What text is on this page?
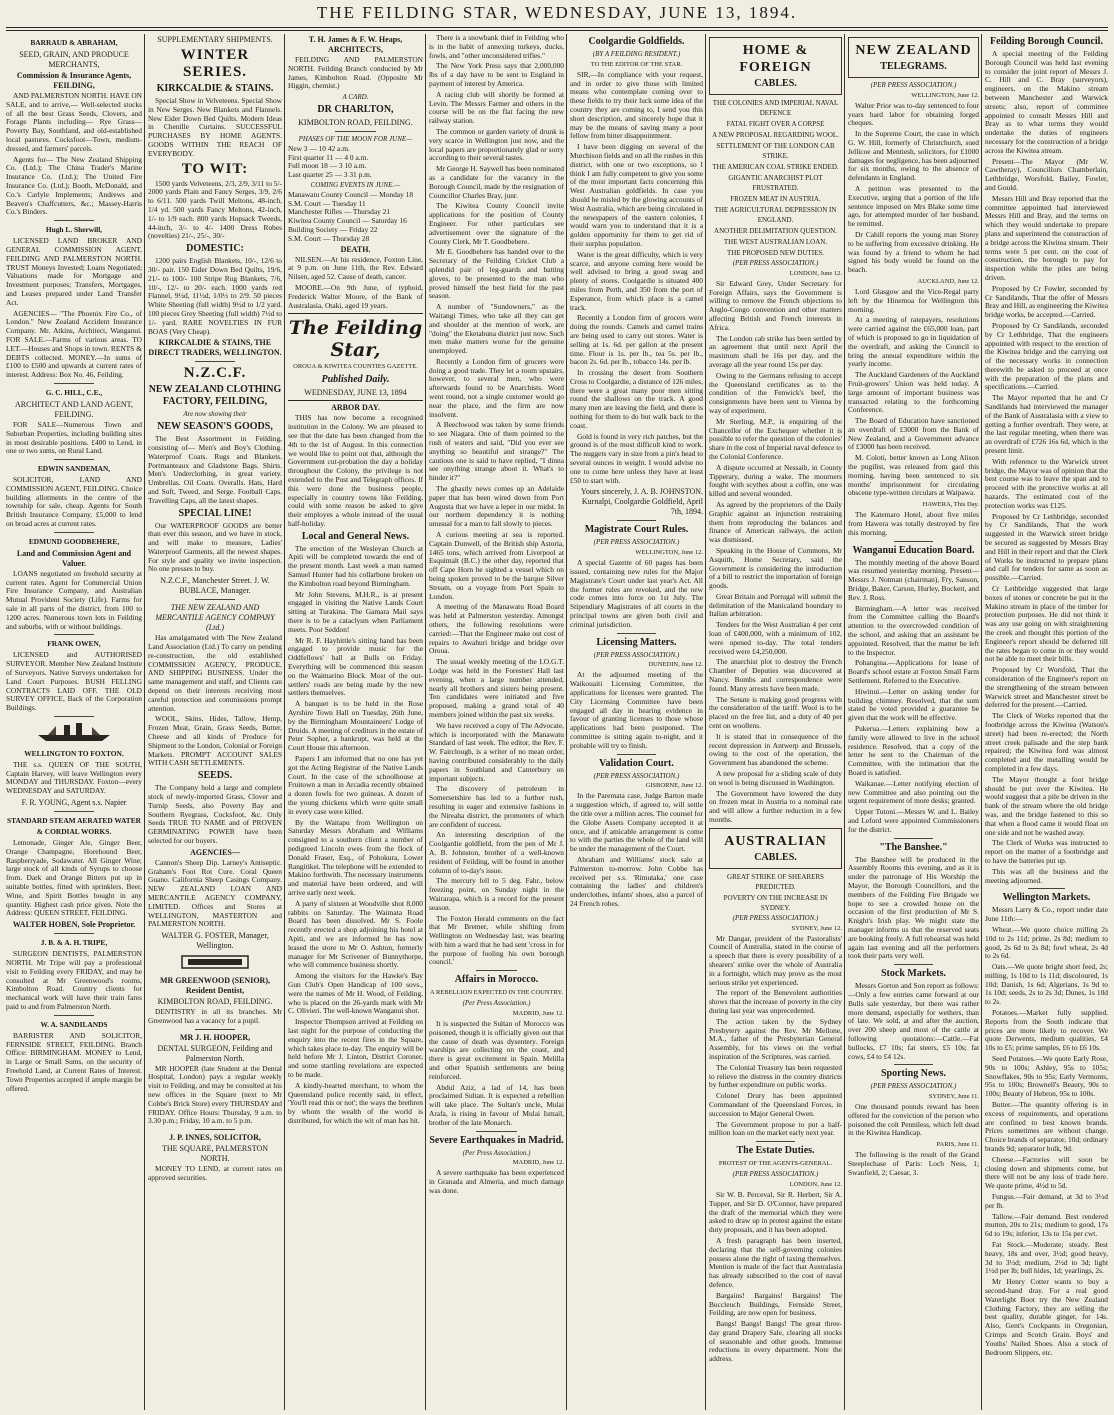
THE FEILDING STAR, WEDNESDAY, JUNE 13, 1894.
BARRAUD & ABRAHAM,
SEED, GRAIN, AND PRODUCE MERCHANTS,
Commission & Insurance Agents, FEILDING,

AND PALMERSTON NORTH. HAVE ON SALE, and to arrive,— Well-selected stocks of all the best Grass Seeds, Clovers, and Forage Plants including— Rye Grass—Poverty Bay, Southland, and old-established local pastures. Cocksfoot—Town, medium-dressed, and farmers' parcels.

Agents for— The New Zealand Shipping Co. (Ltd.); The China Trader's Marine Insurance Co. (Ltd.); The United Fire Insurance Co. (Ltd.); Booth, McDonald, and Co.'s Carlyle Implements; Andrews and Beaven's Chaffcutters, &c.; Massey-Harris Co.'s Binders.

Hugh L. Sherwill,

LICENSED LAND BROKER AND GENERAL COMMISSION AGENT, FEILDING AND PALMERSTON NORTH. TRUST Moneys Invested; Loans Negotiated; Valuations made for Mortgage and Investment purposes; Transfers, Mortgages, and Leases prepared under Land Transfer Act.

AGENCIES— "The Phoenix Fire Co., of London." New Zealand Accident Insurance Company. Mr. Atkins, Architect, Wanganui. FOR SALE.—Farms of various areas. TO LET.—Houses and Shops in town. RENTS & DEBTS collected. MONEY.—In sums of £100 to £500 and upwards at current rates of interest. Address: Box No. 46, Feilding.

G. C. HILL, C.E.,
ARCHITECT AND LAND AGENT, FEILDING.

FOR SALE—Numerous Town and Suburban Properties, including building sites in most desirable positions. £400 to Lend, in one or two sums, on Rural Land.

EDWIN SANDEMAN,

SOLICITOR, LAND AND COMMISSION AGENT, FEILDING. Choice building allotments in the centre of the township for sale, cheap. Agents for South British Insurance Company. £5,000 to lend on broad acres at current rates.

EDMUND GOODBEHERE,
Land and Commission Agent and Valuer.

LOANS negotiated on freehold security at current rates. Agent for Commercial Union Fire Insurance Company, and Australian Mutual Provident Society (Life). Farms for sale in all parts of the district, from 100 to 1200 acres. Numerous town lots in Feilding and suburbs, with or without buildings.

FRANK OWEN,

LICENSED and AUTHORISED SURVEYOR. Member New Zealand Institute of Surveyors. Native Surveys undertaken for Land Court Purposes. BUSH FELLING CONTRACTS LAID OFF. THE OLD SURVEY OFFICE, Back of the Corporation Buildings.

WELLINGTON TO FOXTON.

THE s.s. QUEEN OF THE SOUTH, Captain Harvey, will leave Wellington every MONDAY and THURSDAY. Foxton—every WEDNESDAY and SATURDAY.

F. R. YOUNG, Agent s.s. Napier
STANDARD STEAM AERATED WATER & CORDIAL WORKS.

Lemonade, Ginger Ale, Ginger Beer, Orange Champagne, Horehound Beer, Raspberryade, Sodawater. All Ginger Wine; large stock of all kinds of Syrups to choose from. Dark and Orange Bitters put up in suitable bottles, fitted with sprinklers. Beer, Wine, and Spirit Bottles bought in any quantity. Highest cash price given. Note the Address: QUEEN STREET, FEILDING.

WALTER HOBEN, Sole Proprietor.
J. B. & A. H. TRIPE,

SURGEON DENTISTS, PALMERSTON NORTH. Mr Tripe will pay a professional visit to Feilding every FRIDAY, and may be consulted at Mr Greenwood's rooms, Kimbolton Road. Country clients for mechanical work will have their train fares paid to and from Palmerston North.

W. A. SANDILANDS

BARRISTER AND SOLICITOR, FERNSIDE STREET, FEILDING. Branch Office: BIRMINGHAM. MONEY to Lend, in Large or Small Sums, on the security of Freehold Land, at Current Rates of Interest. Town Properties accepted if ample margin be offered.

SUPPLEMENTARY SHIPMENTS.
WINTER SERIES.
KIRKCALDIE & STAINS.

Special Show in Velveteens. Special Show in New Serges. New Blankets and Flannels. New Eider Down Bed Quilts. Modern Ideas in Chenille Curtains. SUCCESSFUL PURCHASES BY HOME AGENTS. GOODS WITHIN THE REACH OF EVERYBODY.

TO WIT:

1500 yards Velveteens, 2/3, 2/9, 3/11 to 5/- 2000 yards Plain and Fancy Serges, 3/9, 2/6 to 6/11. 500 yards Twill Meltons, 48-inch, 1/4 yd. 500 yards Fancy Meltons, 42-inch, 1/- to 1/9 each. 800 yards Hopsack Tweeds, 44-inch, 3/- to 4/- 1400 Dress Robes (novelties) 21/-, 25/-, 30/-

DOMESTIC:

1200 pairs English Blankets, 10/-, 12/6 to 30/- pair. 150 Eider Down Bed Quilts, 19/6, 21/- to 100/- 100 Stripe Rug Blankets, 7/6, 10/-, 12/- to 20/- each. 1000 yards red Flannel, 9½d, 11½d, 1/0½ to 2/9. 50 pieces White Sheeting (full width) 9½d to 1/2 yard. 100 pieces Grey Sheeting (full width) 7½d to 1/- yard. RARE NOVELTIES IN FUR BOAS (Very Cheap).

KIRKCALDIE & STAINS, THE DIRECT TRADERS, WELLINGTON.
N.Z.C.F.
NEW ZEALAND CLOTHING FACTORY, FEILDING,
Are now showing their
NEW SEASON'S GOODS,

The Best Assortment in Feilding, consisting of— Men's and Boy's Clothing. Waterproof Coats. Rugs and Blankets. Portmanteaux and Gladstone Bags. Shirts. Men's Underclothing, in great variety. Umbrellas. Oil Coats. Overalls. Hats, Hard and Soft, Tweed, and Serge. Football Caps. Travelling Caps, all the latest shapes.

SPECIAL LINE!

Our WATERPROOF GOODS are better than ever this season, and we have in stock, and will make to measure, Ladies' Waterproof Garments, all the newest shapes. For style and quality we invite inspection. No one presses to buy.

N.Z.C.F., Manchester Street. J. W. BUBLACE, Manager.
THE NEW ZEALAND AND MERCANTILE AGENCY COMPANY (Ltd.)

Has amalgamated with The New Zealand Land Association (Ltd.) To carry on pending re-construction, the old established COMMISSION AGENCY, PRODUCE, AND SHIPPING BUSINESS. Under the same management and staff, and Clients can depend on their interests receiving most careful protection and commissions prompt attention.

WOOL, Skins, Hides, Tallow, Hemp, Frozen Meat, Grain, Grass Seeds, Butter, Cheese and all kinds of Produce for Shipment to the London, Colonial or Foreign Markets. PROMPT ACCOUNT SALES WITH CASH SETTLEMENTS.

SEEDS.

The Company hold a large and complete stock of newly-imported Grass, Clover and Turnip Seeds, also Poverty Bay and Southern Ryegrass, Cocksfoot, &c. Only Seeds TRUE TO NAME and of PROVEN GERMINATING POWER have been selected for our buyers.

AGENCIES—

Cannon's Sheep Dip. Larney's Antiseptic. Graham's Foot Rot Cure. Coral Queen Guano. California Sheep Casings Company. NEW ZEALAND LOAN AND MERCANTILE AGENCY COMPANY, LIMITED. Offices and Stores at WELLINGTON, MASTERTON and PALMERSTON NORTH.

WALTER G. FOSTER, Manager, Wellington.
MR GREENWOOD (SENIOR), Resident Dentist,
KIMBOLTON ROAD, FEILDING.

DENTISTRY in all its branches. Mr Greenwood has a vacancy for a pupil.

MR J. H. HOOPER,
DENTAL SURGEON, Feilding and Palmerston North.

MR HOOPER (late Student at the Dental Hospital, London) pays a regular weekly visit to Feilding, and may be consulted at his new offices in the Square (next to Mr Cobbe's Brick Store) every THURSDAY and FRIDAY. Office Hours: Thursday, 9 a.m. to 3.30 p.m.; Friday, 10 a.m. to 5 p.m.

J. P. INNES, SOLICITOR,
THE SQUARE, PALMERSTON NORTH.

MONEY TO LEND, at current rates on approved securities.

T. H. James & F. W. Heaps, ARCHITECTS,

FEILDING AND PALMERSTON NORTH. Feilding Branch conducted by Mr James, Kimbolton Road. (Opposite Mr Higgin, chemist.)

A CARD.
DR CHARLTON,
KIMBOLTON ROAD, FEILDING.
PHASES OF THE MOON FOR JUNE—
New 3 — 10 42 a.m.
First quarter 11 — 4 0 a.m.
Full moon 18 — 3 10 a.m.
Last quarter 25 — 3 31 p.m.
COMING EVENTS IN JUNE.—
Manawatu County Council — Monday 18
S.M. Court — Tuesday 11
Manchester Rifles — Thursday 21
Kiwitea County Council — Saturday 16
Building Society — Friday 22
S.M. Court — Thursday 28
DEATH.

NILSEN.—At his residence, Foxton Line, at 9 p.m. on June 11th, the Rev. Edward Nilsen, aged 52. Cause of death, cancer.

MOORE.—On 9th June, of typhoid, Frederick Walter Moore, of the Bank of Australasia, Otaki, aged 19 years.

The Feilding Star,
OROUA & KIWITEA COUNTIES GAZETTE.
Published Daily.
WEDNESDAY, JUNE 13, 1894
ARBOR DAY.

THIS has now become a recognised institution in the Colony. We are pleased to see that the date has been changed from the 4th to the 1st of August. In this connection we would like to point out that, although the Government cut-probation the day a holiday throughout the Colony, the privilege is not extended to the Post and Telegraph offices. If this were done the business people, especially in country towns like Feilding, could with some reason be asked to give their employes a whole instead of the usual half-holiday.

Local and General News.

The erection of the Wesleyan Church at Apiti will be completed towards the end of the present month. Last week a man named Samuel Hunter had his collarbone broken on the Kimbolton road beyond Birmingham.

Mr John Stevens, M.H.R., is at present engaged in visiting the Native Lands Court sitting at Turakina. The Gamara Mail says there is to be a cataclysm when Parliament meets. Poor Seddon!

Mr R. F. Hayhittle's sitting hand has been engaged to provide music for the Oddfellows' ball at Bulls on Friday. Everything will be commenced this season on the Waimarino Block. Most of the out-settlers' roads are being made by the new settlers themselves.

A banquet is to be held in the Rose Ayrshire Town Hall on Tuesday, 26th June, by the Birmingham Mountaineers' Lodge of Druids. A meeting of creditors in the estate of Peter Sopher, a bankrupt, was held at the Court House this afternoon.

Papers I am informed that no one has yet got the Acting Registrar of the Native Lands Court. In the case of the schoolhouse at Fruitown a man in Arcadia recently obtained a dozen fowls for two guineas. A dozen of the young chickens which were quite small in every case were killed.

By the Waitapu from Wellington on Saturday Messrs Abraham and Williams consigned to a southern client a number of pedigreed Lincoln ewes from the flock of Donald Fraser, Esq., of Pohokura, Lower Rangitikei. The telephone will be extended to Makino forthwith. The necessary instruments and material have been ordered, and will arrive early next week.

A party of sixteen at Woodville shot 8,000 rabbits on Saturday. The Waimata Road Board has been dissolved. Mr S. Foole recently erected a shop adjoining his hotel at Apiti, and we are informed he has now leased the store to Mr O. Ashton, formerly manager for Mr Scrivener of Bunnythorpe, who will commence business shortly.

Among the visitors for the Hawke's Bay Gun Club's Open Handicap of 100 sovs., were the names of Mr H. Wood, of Feilding, who is placed on the 26-yards mark with Mr C. Olivieri. The well-known Wanganui shot.

Inspector Thompson arrived at Feilding on last night for the purpose of conducting the enquiry into the recent fires in the Square, which takes place to-day. The enquiry will be held before Mr J. Linton, District Coroner, and some startling revelations are expected to be made.

A kindly-hearted merchant, to whom the Queensland police recently said, in effect, 'You'll read this or not'; the ways the brethren by whom the wealth of the world is distributed, for which the wit of man has hit.

There is a snowbank thief in Feilding who is in the habit of annexing turkeys, ducks, fowls, and "other unconsidered trifles."

The New York Press says that 2,000,000 lbs of a day have to be sent to England in payment of interest by America.

A racing club will shortly be formed at Levin. The Messrs Farmer and others in the course will be on the flat facing the new railway station.

The common or garden variety of drunk is very scarce in Wellington just now, and the local papers are proportionately glad or sorry according to their several tastes.

Mr George H. Saywell has been nominated as a candidate for the vacancy in the Borough Council, made by the resignation of Councillor Charles Bray, junr.

The Kiwitea County Council invite applications for the position of County Engineer. For other particulars see advertisement over the signature of the County Clerk, Mr T. Goodbehere.

Mr E. Goodbehere has handed over to the Secretary of the Feilding Cricket Club a splendid pair of leg-guards and batting gloves, to be presented to the man who proved himself the best field for the past season.

A number of "Sundowners," as the Waitangi Times, who take all they can get and shoulder at the mention of work, are "doing" the Eketahuna district just now. Such men make matters worse for the genuine unemployed.

Recently a London firm of grocers were doing a good trade. They let a room upstairs, however, to several men, who were afterwards found to be Anarchists. Word went round, not a single customer would go near the place, and the firm are now insolvent.

A Beechwood was taken by some friends to see Niagara. One of them pointed to the rush of waters and said, "Did you ever see anything so beautiful and strange?" The cautious one is said to have replied, "I dinna see onything strange aboot it. What's to hinder it?"

The ghastly news comes up an Adelaide paper that has been wired down from Port Augusta that we have a leper in our midst. In our northern dependency it is nothing unusual for a man to fall slowly to pieces.

A curious meeting at sea is reported. Captain Dunwell, of the British ship Astoria, 1465 tons, which arrived from Liverpool at Esquimalt (B.C.) the other day, reported that off Cape Horn he sighted a vessel which on being spoken proved to be the barque Silver Stream, on a voyage from Port Spain to London.

A meeting of the Manawatu Road Board was held at Palmerston yesterday. Amongst others, the following resolutions were carried:—That the Engineer make out cost of repairs to Awahuri bridge and bridge over Oroua.

The usual weekly meeting of the I.O.G.T. Lodge was held in the Foresters' Hall last evening, when a large number attended, nearly all brothers and sisters being present. Ten candidates were initiated and five proposed, making a grand total of 40 members joined within the past six weeks.

We have received a copy of The Advocate, which is incorporated with the Manawatu Standard of last week. The editor, the Rev. F. W. Fairclough, is a writer of no mean order, having contributed considerably to the daily papers in Southland and Canterbury on important subjects.

The discovery of petroleum in Somersetshire has led to a further rush, resulting in eager and extensive fashions in the Nireaha district, the promoters of which are confident of success.

An interesting description of the Coolgardie goldfield, from the pen of Mr J. A. B. Johnston, brother of a well-known resident of Feilding, will be found in another column of to-day's issue.

The mercury fell to 5 deg. Fahr., below freezing point, on Sunday night in the Wairarapa, which is a record for the present season.

The Foxton Herald comments on the fact that Mr Bremer, while shifting from Wellington on Wednesday last, was bearing with him a ward that he had sent 'cross in for the purpose of fooling his own borough council.'

Affairs in Morocco.
A REBELLION EXPECTED IN THE COUNTRY.
(Per Press Association.)
MADRID, June 12.

It is suspected the Sultan of Morocco was poisoned, though it is officially given out that the cause of death was dysentery. Foreign warships are collecting on the coast, and there is great excitement in Spain. Melilla and other Spanish settlements are being reinforced.

Abdul Aziz, a lad of 14, has been proclaimed Sultan. It is expected a rebellion will take place. The Sultan's uncle, Mulai Arafa, is rising in favour of Mulai Ismail, brother of the late Monarch.

Severe Earthquakes in Madrid.
(Per Press Association.)
MADRID, June 12.

A severe earthquake has been experienced in Granada and Almeria, and much damage was done.

Coolgardie Goldfields.
(BY A FEILDING RESIDENT.)
TO THE EDITOR OF THE STAR.

SIR,—In compliance with your request, and in order to give those with limited means who contemplate coming over to these fields to try their luck some idea of the country they are coming to, I send you this short description, and sincerely hope that it may be the means of saving many a poor fellow from bitter disappointment.

I have been digging on several of the Murchison fields and on all the rushes in this district, with one or two exceptions, so I think I am fully competent to give you some of the most important facts concerning this West Australian goldfields. In case you should be misled by the glowing accounts of West Australia, which are being circulated in the newspapers of the eastern colonies, I would warn you to understand that it is a golden opportunity for them to get rid of their surplus population.

Water is the great difficulty, which is very scarce, and anyone coming here would be well advised to bring a good swag and plenty of stores. Coolgardie is situated 400 miles from Perth, and 350 from the port of Esperance, from which place is a camel track.

Recently a London firm of grocers were doing the rounds. Camels and camel trains are being used to carry out stores. Water is selling at 1s. 6d. per gallon at the present time. Flour is 1s. per lb., tea 5s. per lb., bacon 2s. 6d. per lb., tobacco 14s. per lb.

In crossing the desert from Southern Cross to Coolgardie, a distance of 126 miles, there were a great many poor men sitting round the shallows on the track. A good many men are leaving the field, and there is nothing for them to do but walk back to the coast.

Gold is found in very rich patches, but the ground is of the most difficult kind to work. The nuggets vary in size from a pin's head to several ounces in weight. I would advise no one to come here unless they have at least £50 to start with.

Yours sincerely, J. A. B. JOHNSTON. Kurnalpi, Coolgardie Goldfield, April 7th, 1894.
Magistrate Court Rules.
(PER PRESS ASSOCIATION.)
WELLINGTON, June 12.

A special Gazette of 60 pages has been issued, containing new rules for the Major Magistrate's Court under last year's Act. All the former rules are revoked, and the new code comes into force on 1st July. The Stipendiary Magistrates of all courts in the principal towns are given both civil and criminal jurisdiction.

Licensing Matters.
(PER PRESS ASSOCIATION.)
DUNEDIN, June 12.

At the adjourned meeting of the Waikouaiti Licensing Committee, the applications for licenses were granted. The City Licensing Committee have been engaged all day in hearing evidence in favour of granting licenses to those whose applications had been postponed. The committee is sitting again to-night, and it probable will try to finish.

Validation Court.
(PER PRESS ASSOCIATION.)
GISBORNE, June 12.

In the Paremata case, Judge Barton made a suggestion which, if agreed to, will settle the title over a million acres. The counsel for the Globe Assets Company accepted it at once, and if amicable arrangement is come to with the parties the whole of the land will be under the management of the Court.

Abraham and Williams' stock sale at Palmerston to-morrow. John Cobbe has received per s.s. 'Rimutaka,' one case containing the ladies' and children's underclothes, infants' shoes, also a parcel of 24 French robes.

HOME & FOREIGN
CABLES.
THE COLONIES AND IMPERIAL NAVAL DEFENCE
FATAL FIGHT OVER A CORPSE
A NEW PROPOSAL REGARDING WOOL.
SETTLEMENT OF THE LONDON CAB STRIKE.
THE AMERICAN COAL STRIKE ENDED.
GIGANTIC ANARCHIST PLOT FRUSTRATED.
FROZEN MEAT IN AUSTRIA.
THE AGRICULTURAL DEPRESSION IN ENGLAND.
ANOTHER DELIMITATION QUESTION.
THE WEST AUSTRALIAN LOAN.
THE PROPOSED NEW DUTIES.
(PER PRESS ASSOCIATION.)
LONDON, June 12.

Sir Edward Grey, Under Secretary for Foreign Affairs, says the Government is willing to remove the French objections to Anglo-Congo convention and other matters affecting British and French interests in Africa.

The London cab strike has been settled by an agreement that until next April the maximum shall be 16s per day, and the average all the year round 15s per day.

Owing to the Germans refusing to accept the Queensland certificates as to the condition of the Fenwick's beef, the consignments have been sent to Vienna by way of experiment.

Mr Sterling, M.P., is enquiring of the Chancellor of the Exchequer whether it is possible to refer the question of the colonies' share in the cost of Imperial naval defence to the Colonial Conference.

A dispute occurred at Nessaib, in County Tipperary, during a wake. The mourners fought with scythes about a coffin, one was killed and several wounded.

As agreed by the proprietors of the Daily Graphic against an injunction restraining them from reproducing the balances and finance of American railways, the action was dismissed.

Speaking in the House of Commons, Mr Asquith, Home Secretary, said the Government is considering the introduction of a bill to restrict the importation of foreign goods.

Great Britain and Portugal will submit the delimitation of the Manicaland boundary to Italian arbitration.

Tenders for the West Australian 4 per cent loan of £400,000, with a minimum of 102, were opened to-day. The total tenders received were £4,250,000.

The anarchist plot to destroy the French Chamber of Deputies was discovered at Nancy. Bombs and correspondence were found. Many arrests have been made.

The Senate is making good progress with the consideration of the tariff. Wool is to be placed on the free list, and a duty of 40 per cent on woollens.

It is stated that in consequence of the recent depression in Antwerp and Brussels, owing to the cost of the operation, the Government has abandoned the scheme.

A new proposal for a sliding scale of duty on wool is being discussed in Washington.

The Government have lowered the duty on frozen meat in Austria to a nominal rate and will allow a further reduction in a few months.

AUSTRALIAN
CABLES.
GREAT STRIKE OF SHEARERS PREDICTED.
POVERTY ON THE INCREASE IN SYDNEY.
(PER PRESS ASSOCIATION.)
SYDNEY, June 12.

Mr Dangar, president of the Pastoralists' Council of Australia, stated in the course of a speech that there is every possibility of a shearers' strike over the whole of Australia in a fortnight, which may prove as the most serious strike yet experienced.

The report of the Benevolent authorities shows that the increase of poverty in the city during last year was unprecedented.

The action taken by the Sydney Presbytery against the Rev. Mr Mellone, M.A., father of the Presbyterian General Assembly, for his views on the verbal inspiration of the Scriptures, was carried.

The Colonial Treasury has been requested to relieve the distress in the country districts by further expenditure on public works.

Colonel Drury has been appointed Commandant of the Queensland Forces, in succession to Major General Owen.

The Government propose to put a half-million loan on the market early next year.

The Estate Duties.
PROTEST OF THE AGENTS-GENERAL.
(PER PRESS ASSOCIATION.)
LONDON, June 12.

Sir W. B. Perceval, Sir R. Herbert, Sir A. Tupper, and Sir D. O'Connor, have prepared the draft of the memorial which they were asked to draw up in protest against the estate duty proposals, and it has been adopted.

A fresh paragraph has been inserted, declaring that the self-governing colonies possess alone the right of taxing themselves. Mention is made of the fact that Australasia has already subscribed to the cost of naval defence.

Bargains! Bargains! Bargains! The Buccleuch Buildings, Fernside Street, Feilding, are now open for business.

Bangs! Bangs! Bangs! The great three-day grand Drapery Sale, clearing all stocks of seasonable and other goods. Immense reductions in every department. Note the address.

NEW ZEALAND
TELEGRAMS.
(PER PRESS ASSOCIATION.)
WELLINGTON, June 12.

Walter Prior was to-day sentenced to four years hard labor for obtaining forged cheques.

In the Supreme Court, the case in which G. W. Hill, formerly of Christchurch, sued Jellicoe and Mentiesh, solicitors, for £1000 damages for negligence, has been adjourned for six months, owing to the absence of defendants in England.

A petition was presented to the Executive, urging that a portion of the life sentence imposed on Mrs Blake some time ago, for attempted murder of her husband, be remitted.

Dr Cahill reports the young man Storey to be suffering from excessive drinking. He was found by a friend to whom he had signed his body would be found on the beach.

AUCKLAND, June 12.

Lord Glasgow and the Vice-Regal party left by the Hinemoa for Wellington this morning.

At a meeting of ratepayers, resolutions were carried against the £65,000 loan, part of which is proposed to go in liquidation of the overdraft, and asking the Council to bring the annual expenditure within the yearly income.

The Auckland Gardeners of the Auckland Fruit-growers' Union was held today. A large amount of important business was transacted relating to the forthcoming Conference.

The Board of Education have sanctioned an overdraft of £3000 from the Bank of New Zealand, and a Government advance of £3000 has been received.

M. Coloti, better known as Long Alison the pugilist, was released from gaol this morning, having been sentenced to six months' imprisonment for circulating obscene type-written circulars at Waipawa.

HAWERA, This Day.

The Katemaro Hotel, about five miles from Hawera was totally destroyed by fire this morning.

Wanganui Education Board.

The monthly meeting of the above Board was resumed yesterday morning. Present—Messrs J. Notman (chairman), Fry, Sanson, Bridge, Baker, Carson, Hurley, Bockett, and Rev. J. Ross.

Birmingham.—A letter was received from the Committee calling the Board's attention to the overcrowded condition of the school, and asking that an assistant be appointed. Resolved, that the matter be left to the Inspector.

Pohangina.—Applications for lease of Board's school estate at Foxton Small Farm Settlement. Referred to the Executive.

Hiwinui.—Letter on asking tender for building chimney. Resolved, that the sum stated be voted provided a guarantee be given that the work will be effective.

Pukerua.—Letters explaining how a family were allowed to live in the school residence. Resolved, that a copy of the letter be sent to the Chairman of the Committee, with the intimation that the Board is satisfied.

Waikanae.—Letter notifying election of new Committee and also pointing out the urgent requirement of more desks; granted.

Upper Tutoni.—Messrs W. and L. Bailey and Leford were appointed Commissioners for the district.

"The Banshee."

The Banshee will be produced in the Assembly Rooms this evening, and as it is under the patronage of His Worship the Mayor, the Borough Councillors, and the members of the Feilding Fire Brigade we hope to see a crowded house on the occasion of the first production of Mr S. Knight's Irish play. We might state the manager informs us that the reserved seats are booking freely. A full rehearsal was held again last evening and all the performers took their parts very well.

Stock Markets.

Messrs Gorton and Son report as follows:—Only a few entries came forward at our Bulls sale yesterday, but there was rather more demand, especially for wethers, than of late. We sold, at and after the auction, over 200 sheep and most of the cattle at following quotations:—Cattle.—Fat bullocks, £7 10s; fat steers, £5 10s; fat cows, £4 to £4 12s.

Sporting News.
(PER PRESS ASSOCIATION.)
SYDNEY, June 11.

One thousand pounds reward has been offered for the conviction of the person who poisoned the colt Penniless, which fell dead in the Kiwitea Handicap.

PARIS, June 11.

The following is the result of the Grand Steeplechase of Paris: Loch Ness, 1; Swanfield, 2; Caesar, 3.

Feilding Borough Council.

A special meeting of the Feilding Borough Council was held last evening to consider the joint report of Messrs J. C. Hill and C. Bray (surveyors), engineers, on the Makino stream between Manchester and Warwick streets; also, report of committee appointed to consult Messrs Hill and Bray as to what terms they would undertake the duties of engineers necessary for the construction of a bridge across the Kiwitea stream.

Present—The Mayor (Mr W. Cawtheray), Councillors Chamberlain, Lethbridge, Worsfold, Bailey, Fowler, and Gould.

Messrs Hill and Bray reported that the committee appointed had interviewed Messrs Hill and Bray, and the terms on which they would undertake to prepare plans and superintend the construction of a bridge across the Kiwitea stream. Their terms were 5 per cent. on the cost of construction, the borough to pay for inspection while the piles are being driven.

Proposed by Cr Fowler, seconded by Cr Sandilands, That the offer of Messrs Bray and Hill, as engineering the Kiwitea bridge works, be accepted.—Carried.

Proposed by Cr Sandilands, seconded by Cr Lethbridge, That the engineers appointed with respect to the erection of the Kiwitea bridge and the carrying out of the necessary works in connection therewith be asked to proceed at once with the preparation of the plans and specifications.—Carried.

The Mayor reported that he and Cr Sandilands had interviewed the manager of the Bank of Australasia with a view to getting a further overdraft. They were, at the last regular meeting, when there was an overdraft of £726 16s 6d, which is the present limit.

With reference to the Warwick street bridge, the Mayor was of opinion that the best course was to leave the span and to proceed with the protective works at all hazards. The estimated cost of the protection works was £125.

Proposed by Cr Lethbridge, seconded by Cr Sandilands, That the work suggested in the Warwick street bridge be secured as suggested by Messrs Bray and Hill in their report and that the Clerk of Works be instructed to prepare plans and call for tenders for same as soon as possible.—Carried.

Cr Lethbridge suggested that large boxes of stones or concrete be put in the Makino stream in place of the timber for protection purposes. He did not think it was any use going on with straightening the creek and thought this portion of the Engineer's report should be deferred till the rates began to come in or they would not be able to meet their bills.

Proposed by Cr Worsfold, That the consideration of the Engineer's report on the strengthening of the stream between Warwick street and Manchester street be deferred for the present.—Carried.

The Clerk of Works reported that the footbridge across the Kiwitea (Watson's street) had been re-erected; the North street creek palisade and the step bank repaired; the Kiwitea ford was almost completed and the metalling would be completed in a few days.

The Mayor thought a foot bridge should be put over the Kiwitea. He would suggest that a pile be driven in the bank of the stream where the old bridge was, and the bridge fastened to this so that when a flood came it would float on one side and not be washed away.

The Clerk of Works was instructed to report on the matter of a footbridge and to have the batteries put up.

This was all the business and the meeting adjourned.

Wellington Markets.

Messrs Larry & Co., report under date June 11th:—

Wheat.—We quote choice milling 2s 10d to 2s 11d; prime, 2s 8d; medium to good, 2s 6d to 2s 8d; fowl wheat, 2s 4d to 2s 6d.

Oats.—We quote bright short feed, 2s; milling, 1s 10d to 1s 11d; discoloured, 1s 10d; Danish, 1s 6d; Algerians, 1s 9d to 1s 10d; seeds, 2s to 2s 3d; Dunes, 1s 10d to 2s.

Potatoes.—Market fully supplied. Reports from the South indicate that prices are more likely to recover. We quote Derwents, medium qualities, £4 10s to £5; prime samples, £6 to £6 10s.

Seed Potatoes.—We quote Early Rose, 90s to 100s; Ashley, 95s to 105s; Snowflakes, 90s to 95s; Early Vermonts, 95s to 100s; Brownell's Beauty, 90s to 100s; Beauty of Hebron, 95s to 100s.

Butter.—The quantity offering is in excess of requirements, and operations are confined to best known brands. Prices sometimes are without change. Choice brands of separator, 10d; ordinary brands 9d; separator bulk, 9d.

Cheese.—Factories will soon be closing down and shipments come, but there will not be any loss of trade here. We quote prime, 4½d to 5d.

Fungus.—Fair demand, at 3d to 3½d per lb.

Tallow.—Fair demand. Best rendered mutton, 20s to 21s; medium to good, 17s 6d to 19s; inferior, 13s to 15s per cwt.

Fat Stock.—Moderate; steady. Best heavy, 18s and over, 3½d; good heavy, 3d to 3½d; medium, 2½d to 3d; light 1½d per lb; bull hides, 1d; yearlings, 2s.

Mr Henry Cotter wants to buy a second-hand dray. For a real good Waterlight Boot try the New Zealand Clothing Factory, they are selling the best quality, durable ginger, for 14s. Also, Gent's Cockpants in Oregonian, Crimps and Scotch Grain. Boys' and Youths' Nailed Shoes. Also a stock of Bedroom Slippers, etc.
